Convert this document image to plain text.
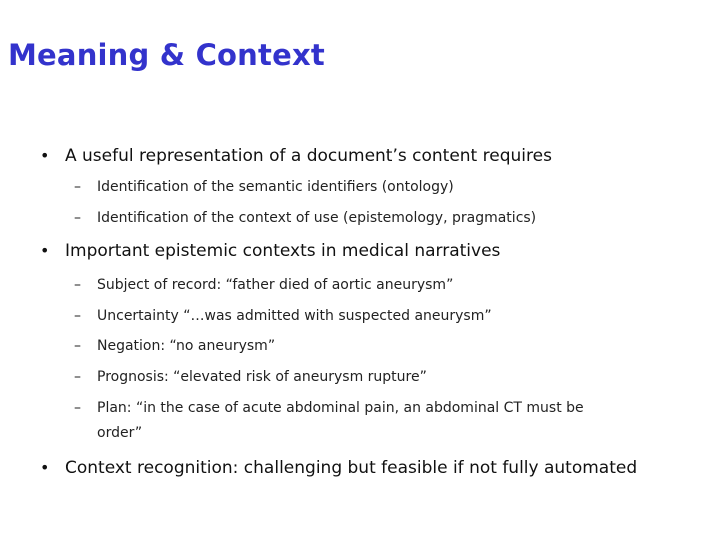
Meaning & Context
• A useful representation of a document’s content requires
– Identification of the semantic identifiers (ontology)
– Identification of the context of use (epistemology, pragmatics)
• Important epistemic contexts in medical narratives
– Subject of record: “father died of aortic aneurysm”
– Uncertainty “…was admitted with suspected aneurysm”
– Negation: “no aneurysm”
– Prognosis: “elevated risk of aneurysm rupture”
– Plan: “in the case of acute abdominal pain, an abdominal CT must be
order”
• Context recognition: challenging but feasible if not fully automated
